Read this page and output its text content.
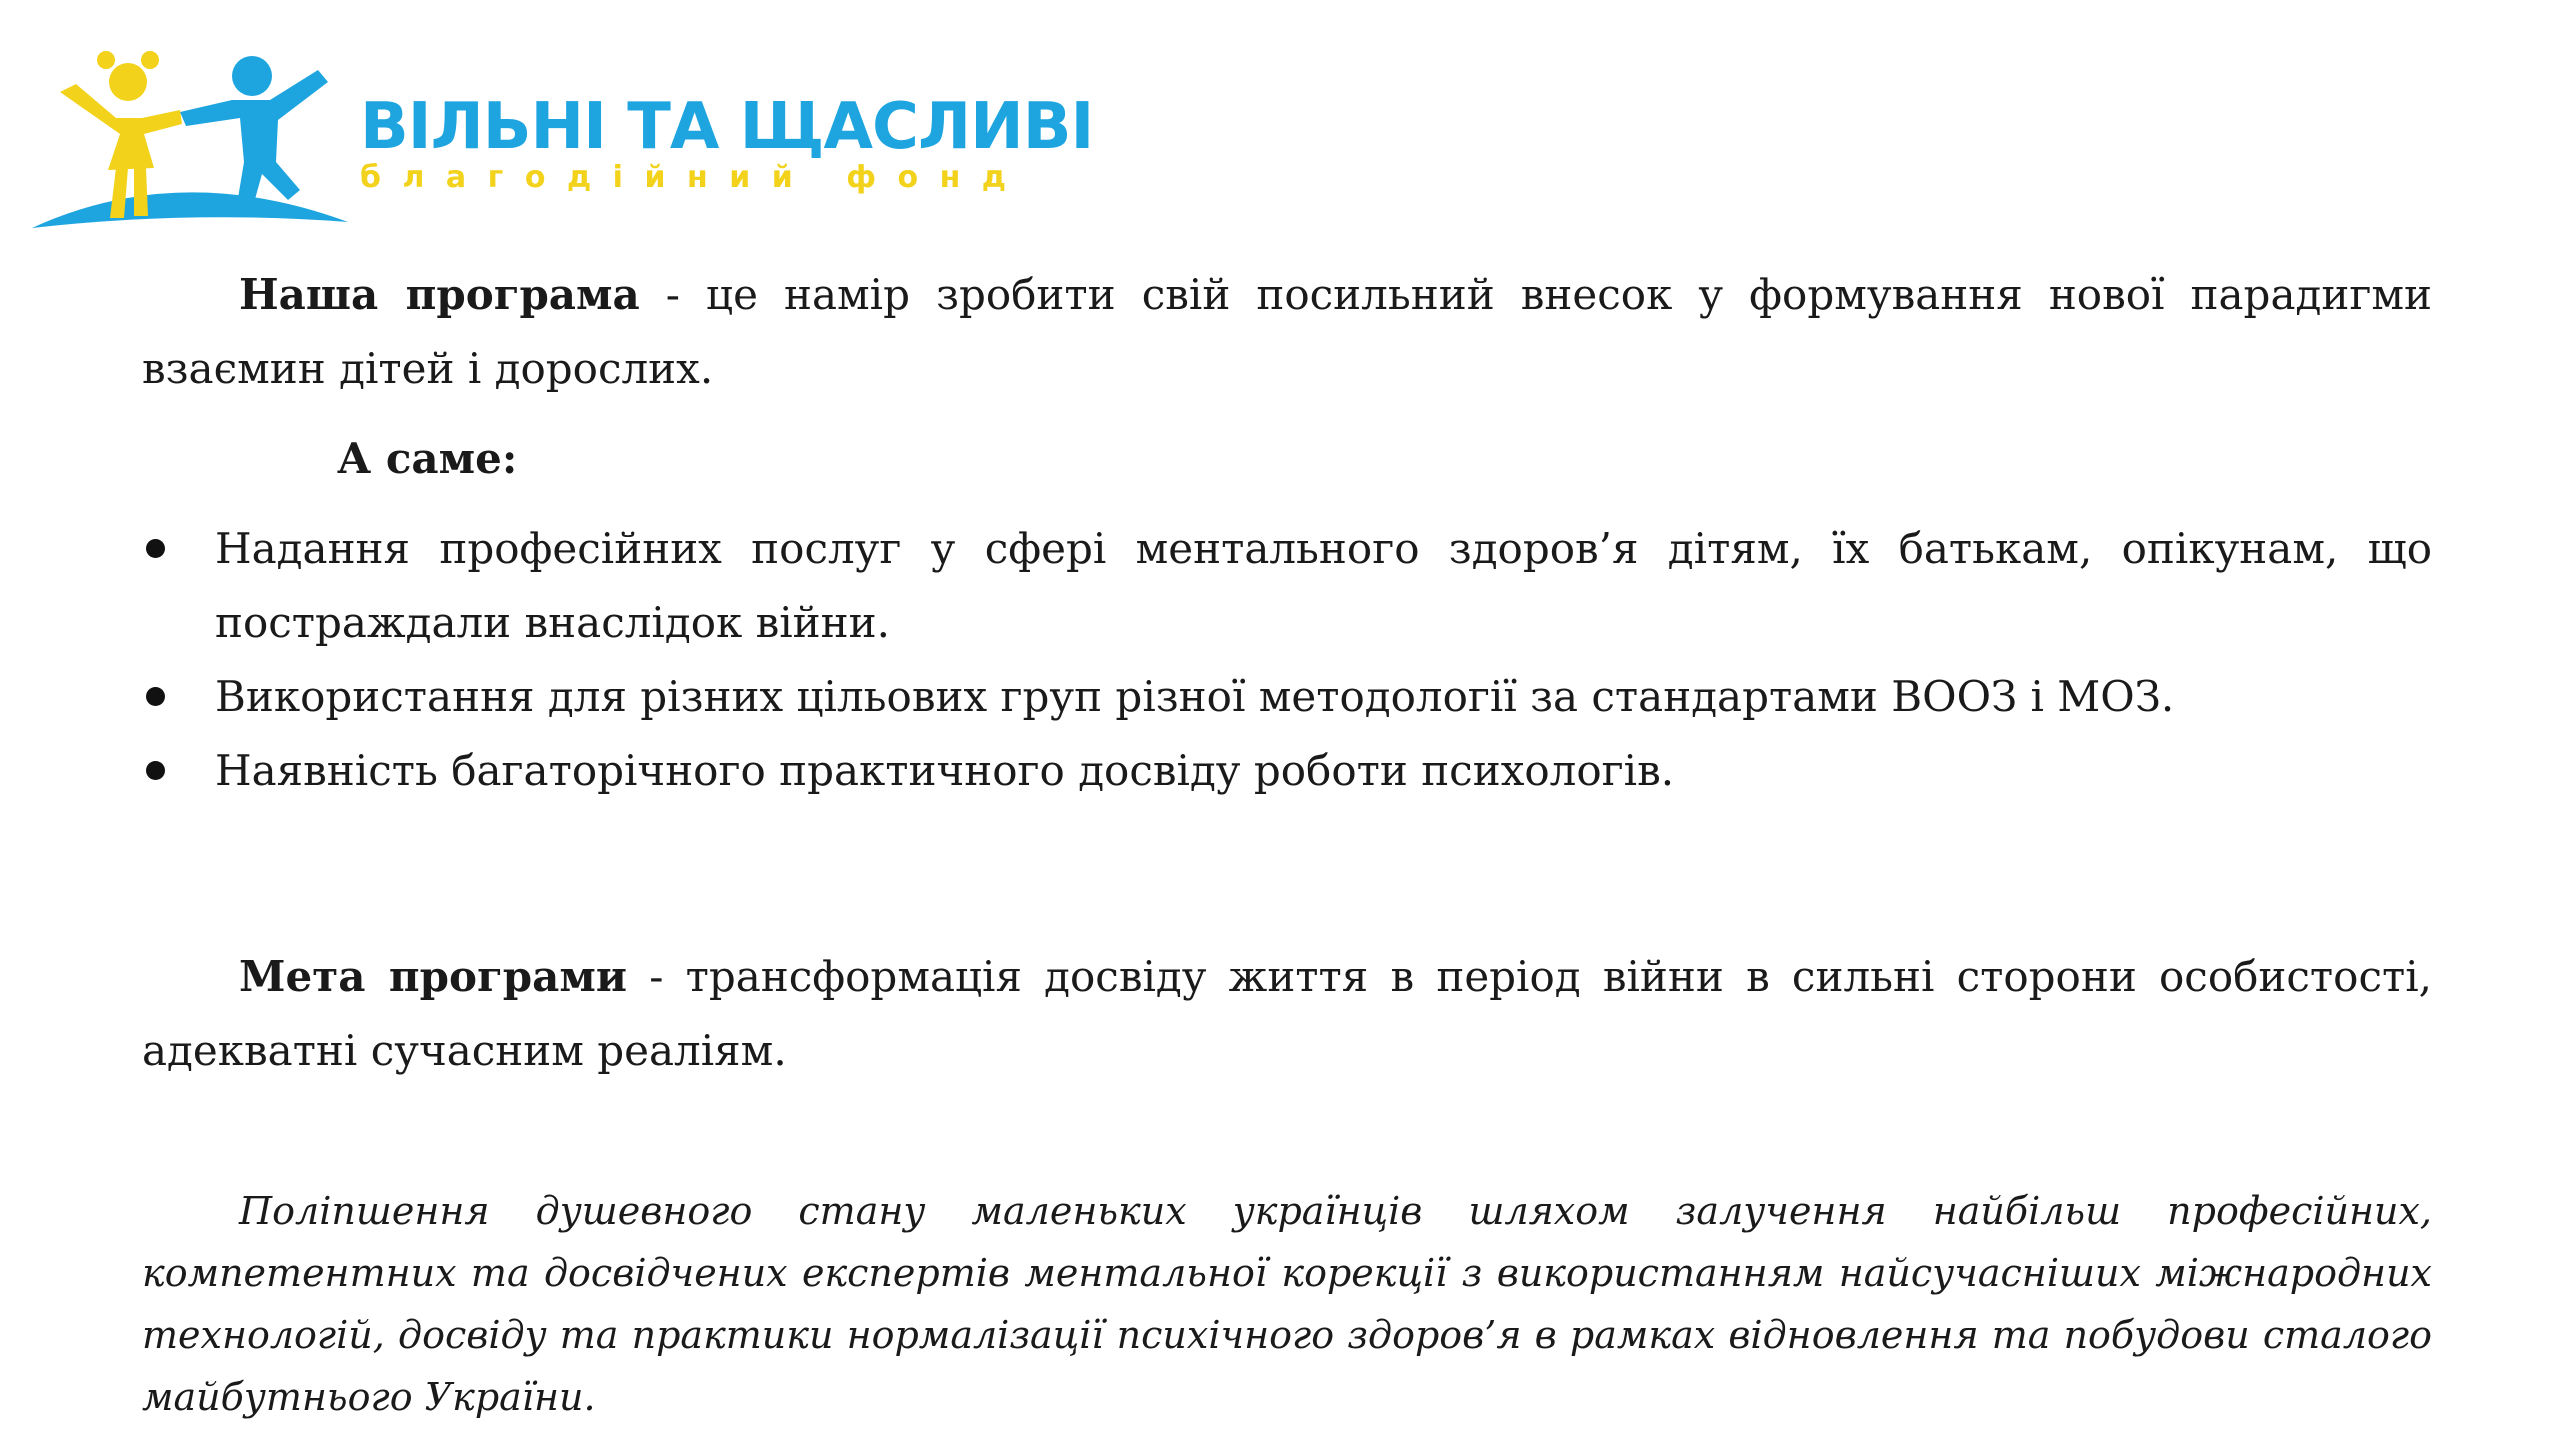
ВІЛЬНІ ТА ЩАСЛИВІ
благодійний фонд

Наша програма - це намір зробити свій посильний внесок у формування нової парадигми взаємин дітей і дорослих.

А саме:
Надання професійних послуг у сфері ментального здоров’я дітям, їх батькам, опікунам, що постраждали внаслідок війни.
Використання для різних цільових груп різної методології за стандартами ВООЗ і МОЗ.
Наявність багаторічного практичного досвіду роботи психологів.

Мета програми - трансформація досвіду життя в період війни в сильні сторони особистості, адекватні сучасним реаліям.

Поліпшення душевного стану маленьких українців шляхом залучення найбільш професійних, компетентних та досвідчених експертів ментальної корекції з використанням найсучасніших міжнародних технологій, досвіду та практики нормалізації психічного здоров’я в рамках відновлення та побудови сталого майбутнього України.
